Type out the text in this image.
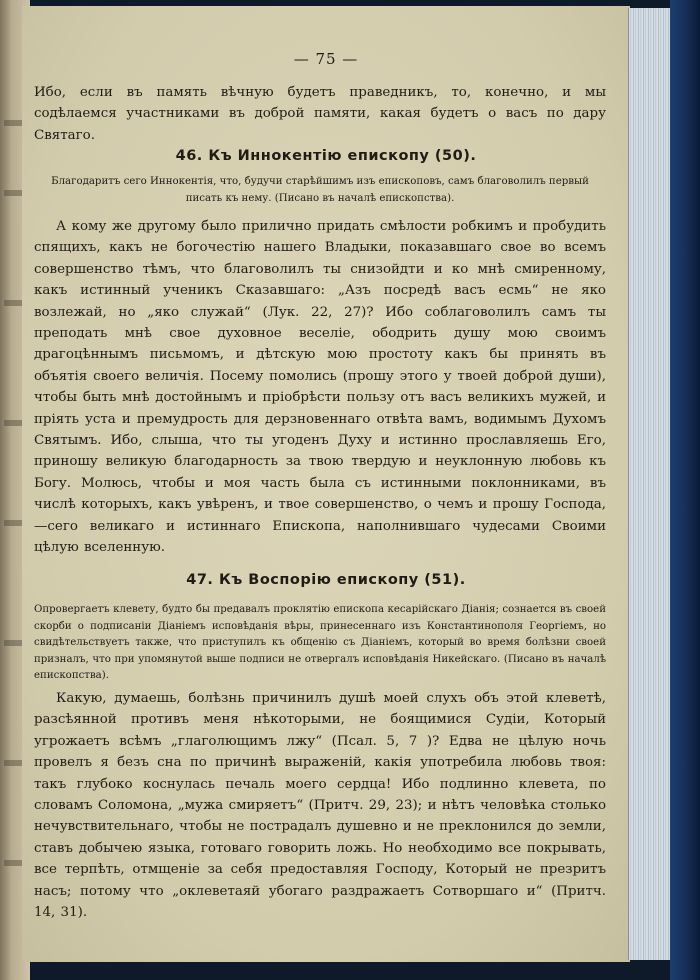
— 75 —
Ибо, если въ память вѣчную будетъ праведникъ, то, конечно, и мы содѣлаемся участниками въ доброй памяти, какая будетъ о васъ по дару Святаго.
46. Къ Иннокентію епископу (50).
Благодаритъ сего Иннокентія, что, будучи старѣйшимъ изъ епископовъ, самъ благоволилъ первый писать къ нему. (Писано въ началѣ епископства).
А кому же другому было прилично придать смѣлости робкимъ и пробудить спящихъ, какъ не богочестію нашего Владыки, показавшаго свое во всемъ совершенство тѣмъ, что благоволилъ ты снизойдти и ко мнѣ смиренному, какъ истинный ученикъ Сказавшаго: „Азъ посредѣ васъ есмь“ не яко возлежай, но „яко служай“ (Лук. 22, 27)? Ибо соблаговолилъ самъ ты преподать мнѣ свое духовное веселіе, ободрить душу мою своимъ драгоцѣннымъ письмомъ, и дѣтскую мою простоту какъ бы принять въ объятія своего величія. Посему помолись (прошу этого у твоей доброй души), чтобы быть мнѣ достойнымъ и пріобрѣсти пользу отъ васъ великихъ мужей, и пріять уста и премудрость для дерзновеннаго отвѣта вамъ, водимымъ Духомъ Святымъ. Ибо, слыша, что ты угоденъ Духу и истинно прославляешь Его, приношу великую благодарность за твою твердую и неуклонную любовь къ Богу. Молюсь, чтобы и моя часть была съ истинными поклонниками, въ числѣ которыхъ, какъ увѣренъ, и твое совершенство, о чемъ и прошу Господа,—сего великаго и истиннаго Епископа, наполнившаго чудесами Своими цѣлую вселенную.
47. Къ Воспорію епископу (51).
Опровергаетъ клевету, будто бы предавалъ проклятію епископа кесарійскаго Діанія; сознается въ своей скорби о подписаніи Діаніемъ исповѣданія вѣры, принесеннаго изъ Константинополя Георгіемъ, но свидѣтельствуетъ также, что приступилъ къ общенію съ Діаніемъ, который во время болѣзни своей призналъ, что при упомянутой выше подписи не отвергалъ исповѣданія Никейскаго. (Писано въ началѣ епископства).
Какую, думаешь, болѣзнь причинилъ душѣ моей слухъ объ этой клеветѣ, разсѣянной противъ меня нѣкоторыми, не боящимися Судіи, Который угрожаетъ всѣмъ „глаголющимъ лжу“ (Псал. 5, 7 )? Едва не цѣлую ночь провелъ я безъ сна по причинѣ выраженій, какія употребила любовь твоя: такъ глубоко коснулась печаль моего сердца! Ибо подлинно клевета, по словамъ Соломона, „мужа смиряетъ“ (Притч. 29, 23); и нѣтъ человѣка столько нечувствительнаго, чтобы не пострадалъ душевно и не преклонился до земли, ставъ добычею языка, готоваго говорить ложь. Но необходимо все покрывать, все терпѣть, отмщеніе за себя предоставляя Господу, Который не презритъ насъ; потому что „оклеветаяй убогаго раздражаетъ Сотворшаго и“ (Притч. 14, 31).
